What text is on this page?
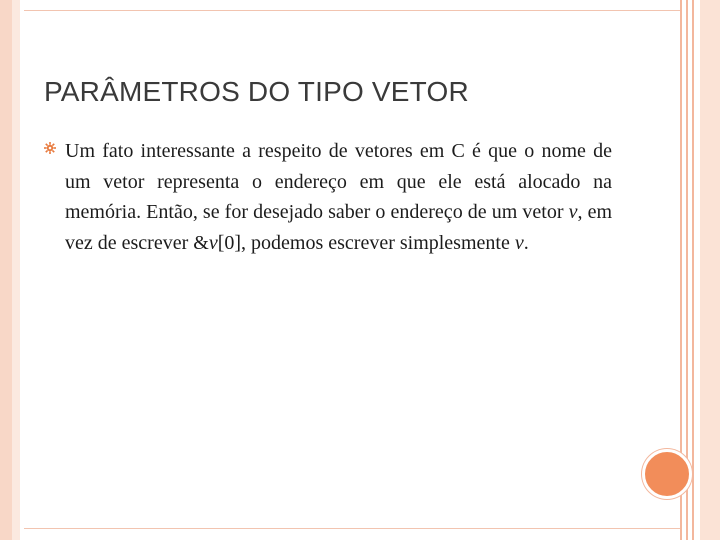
PARÂMETROS DO TIPO VETOR

Um fato interessante a respeito de vetores em C é que o nome de um vetor representa o endereço em que ele está alocado na memória. Então, se for desejado saber o endereço de um vetor v, em vez de escrever &v[0], podemos escrever simplesmente v.
